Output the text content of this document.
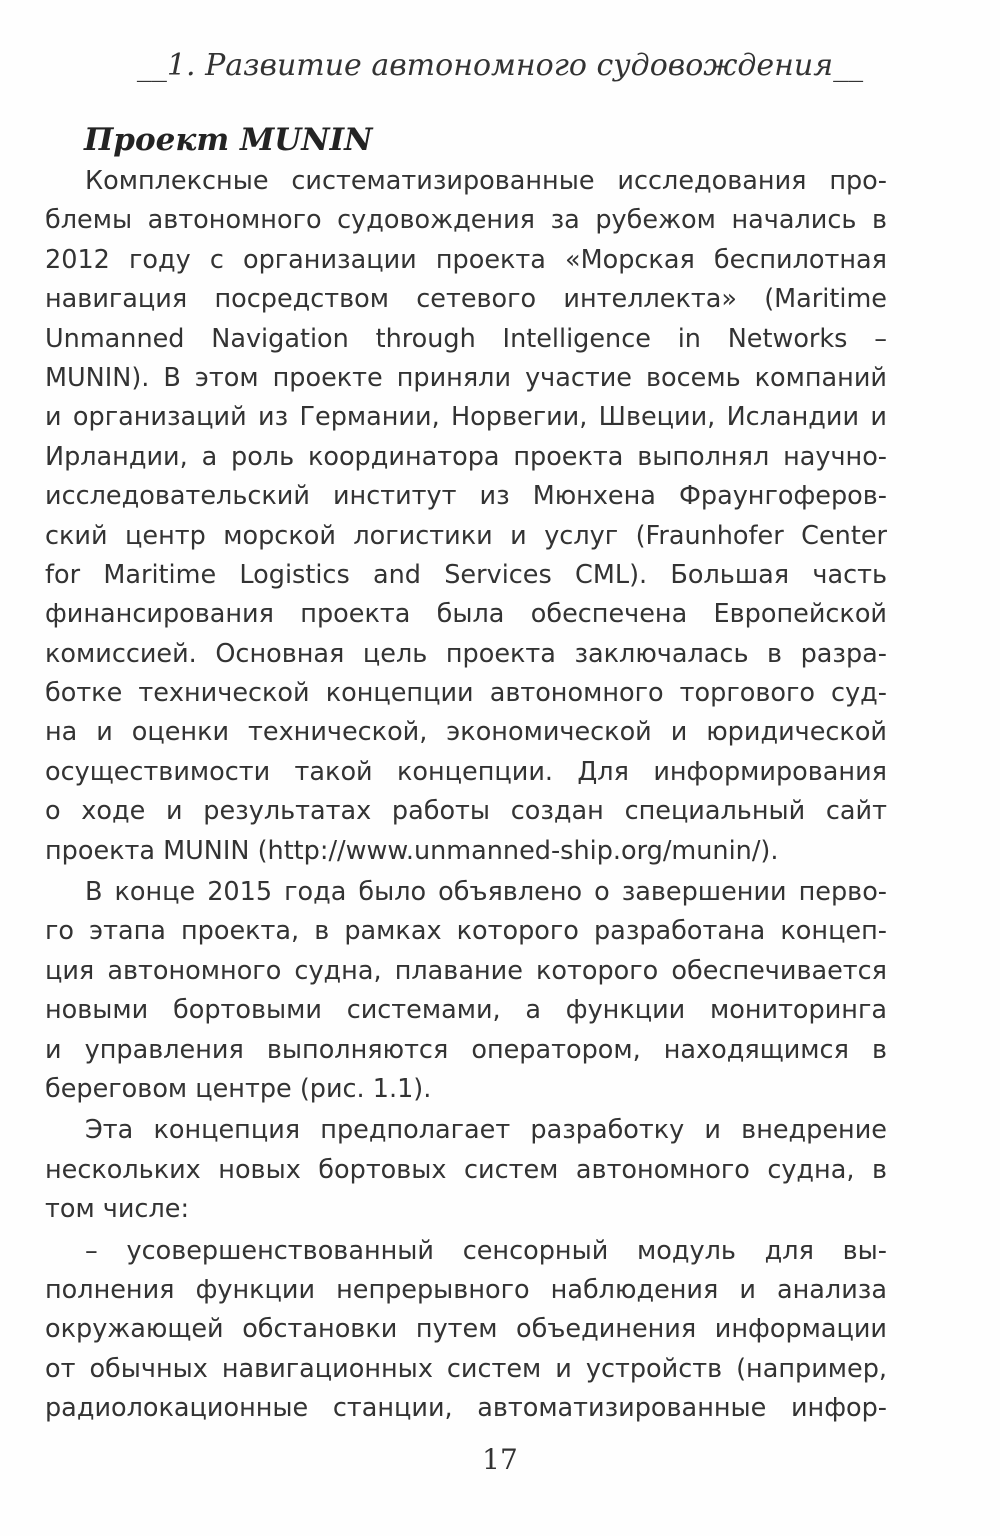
__1. Развитие автономного судовождения__
Проект MUNIN
Комплексные систематизированные исследования про-
блемы автономного судовождения за рубежом начались в
2012 году с организации проекта «Морская беспилотная
навигация посредством сетевого интеллекта» (Maritime
Unmanned Navigation through Intelligence in Networks –
MUNIN). В этом проекте приняли участие восемь компаний
и организаций из Германии, Норвегии, Швеции, Исландии и
Ирландии, а роль координатора проекта выполнял научно-
исследовательский институт из Мюнхена Фраунгоферов-
ский центр морской логистики и услуг (Fraunhofer Center
for Maritime Logistics and Services CML). Большая часть
финансирования проекта была обеспечена Европейской
комиссией. Основная цель проекта заключалась в разра-
ботке технической концепции автономного торгового суд-
на и оценки технической, экономической и юридической
осуществимости такой концепции. Для информирования
о ходе и результатах работы создан специальный сайт
проекта MUNIN (http://www.unmanned-ship.org/munin/).
В конце 2015 года было объявлено о завершении перво-
го этапа проекта, в рамках которого разработана концеп-
ция автономного судна, плавание которого обеспечивается
новыми бортовыми системами, а функции мониторинга
и управления выполняются оператором, находящимся в
береговом центре (рис. 1.1).
Эта концепция предполагает разработку и внедрение
нескольких новых бортовых систем автономного судна, в
том числе:
– усовершенствованный сенсорный модуль для вы-
полнения функции непрерывного наблюдения и анализа
окружающей обстановки путем объединения информации
от обычных навигационных систем и устройств (например,
радиолокационные станции, автоматизированные инфор-
17
